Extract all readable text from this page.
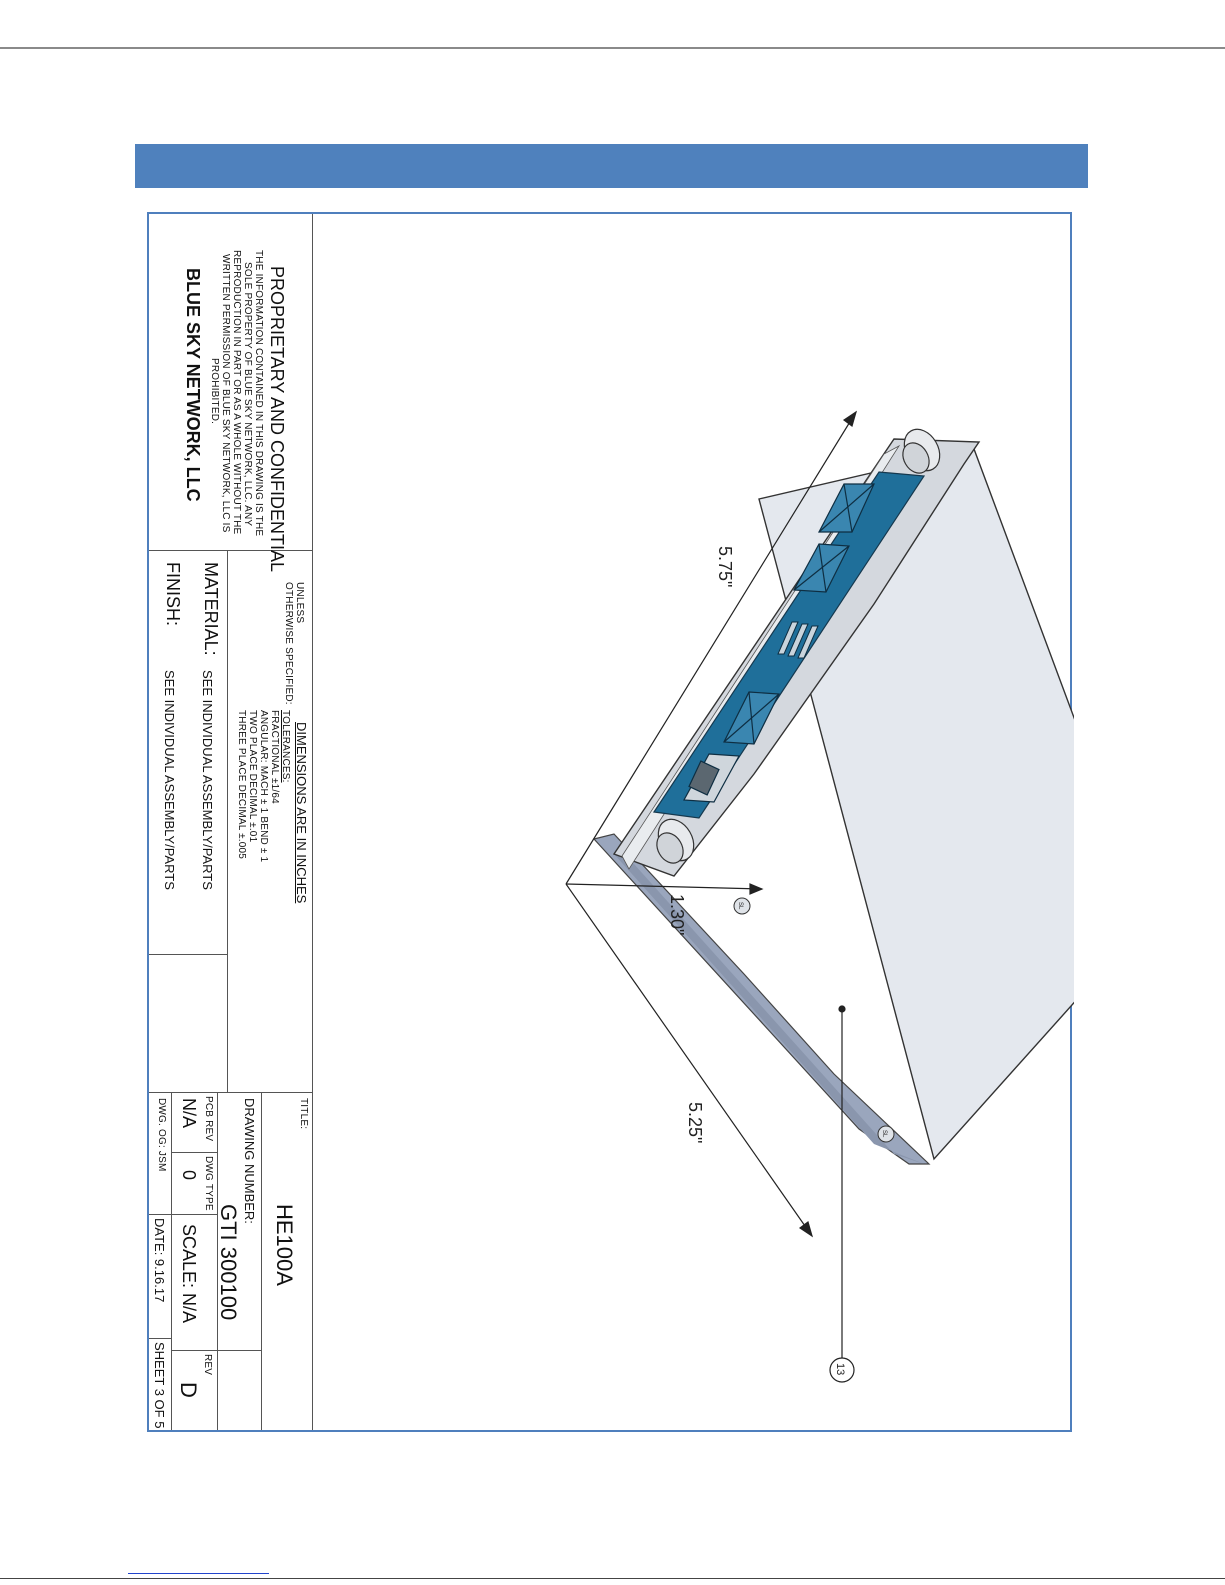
PROPRIETARY AND CONFIDENTIAL
THE INFORMATION CONTAINED IN THIS DRAWING IS THE
SOLE PROPERTY OF BLUE SKY NETWORK, LLC. ANY
REPRODUCTION IN PART OR AS A WHOLE WITHOUT THE
WRITTEN PERMISSION OF BLUE SKY NETWORK, LLC IS
PROHIBITED.
BLUE SKY NETWORK, LLC
UNLESS
OTHERWISE SPECIFIED:
DIMENSIONS ARE IN INCHES
TOLERANCES:
FRACTIONAL ±1/64
ANGULAR: MACH ± 1 BEND ± 1
TWO PLACE DECIMAL ±.01
THREE PLACE DECIMAL ±.005
MATERIAL:
SEE INDIVIDUAL ASSEMBLY/PARTS
FINISH:
SEE INDIVIDUAL ASSEMBLY/PARTS
TITLE:
HE100A
DRAWING NUMBER:
GTI 300100
REV
D
PCB REV
N/A
DWG TYPE
0
SCALE: N/A
DWG. OG: JSM
DATE: 9.16.17
SHEET 3 OF 5
5.75"
1.30"
5.25"
13
SL
SL
